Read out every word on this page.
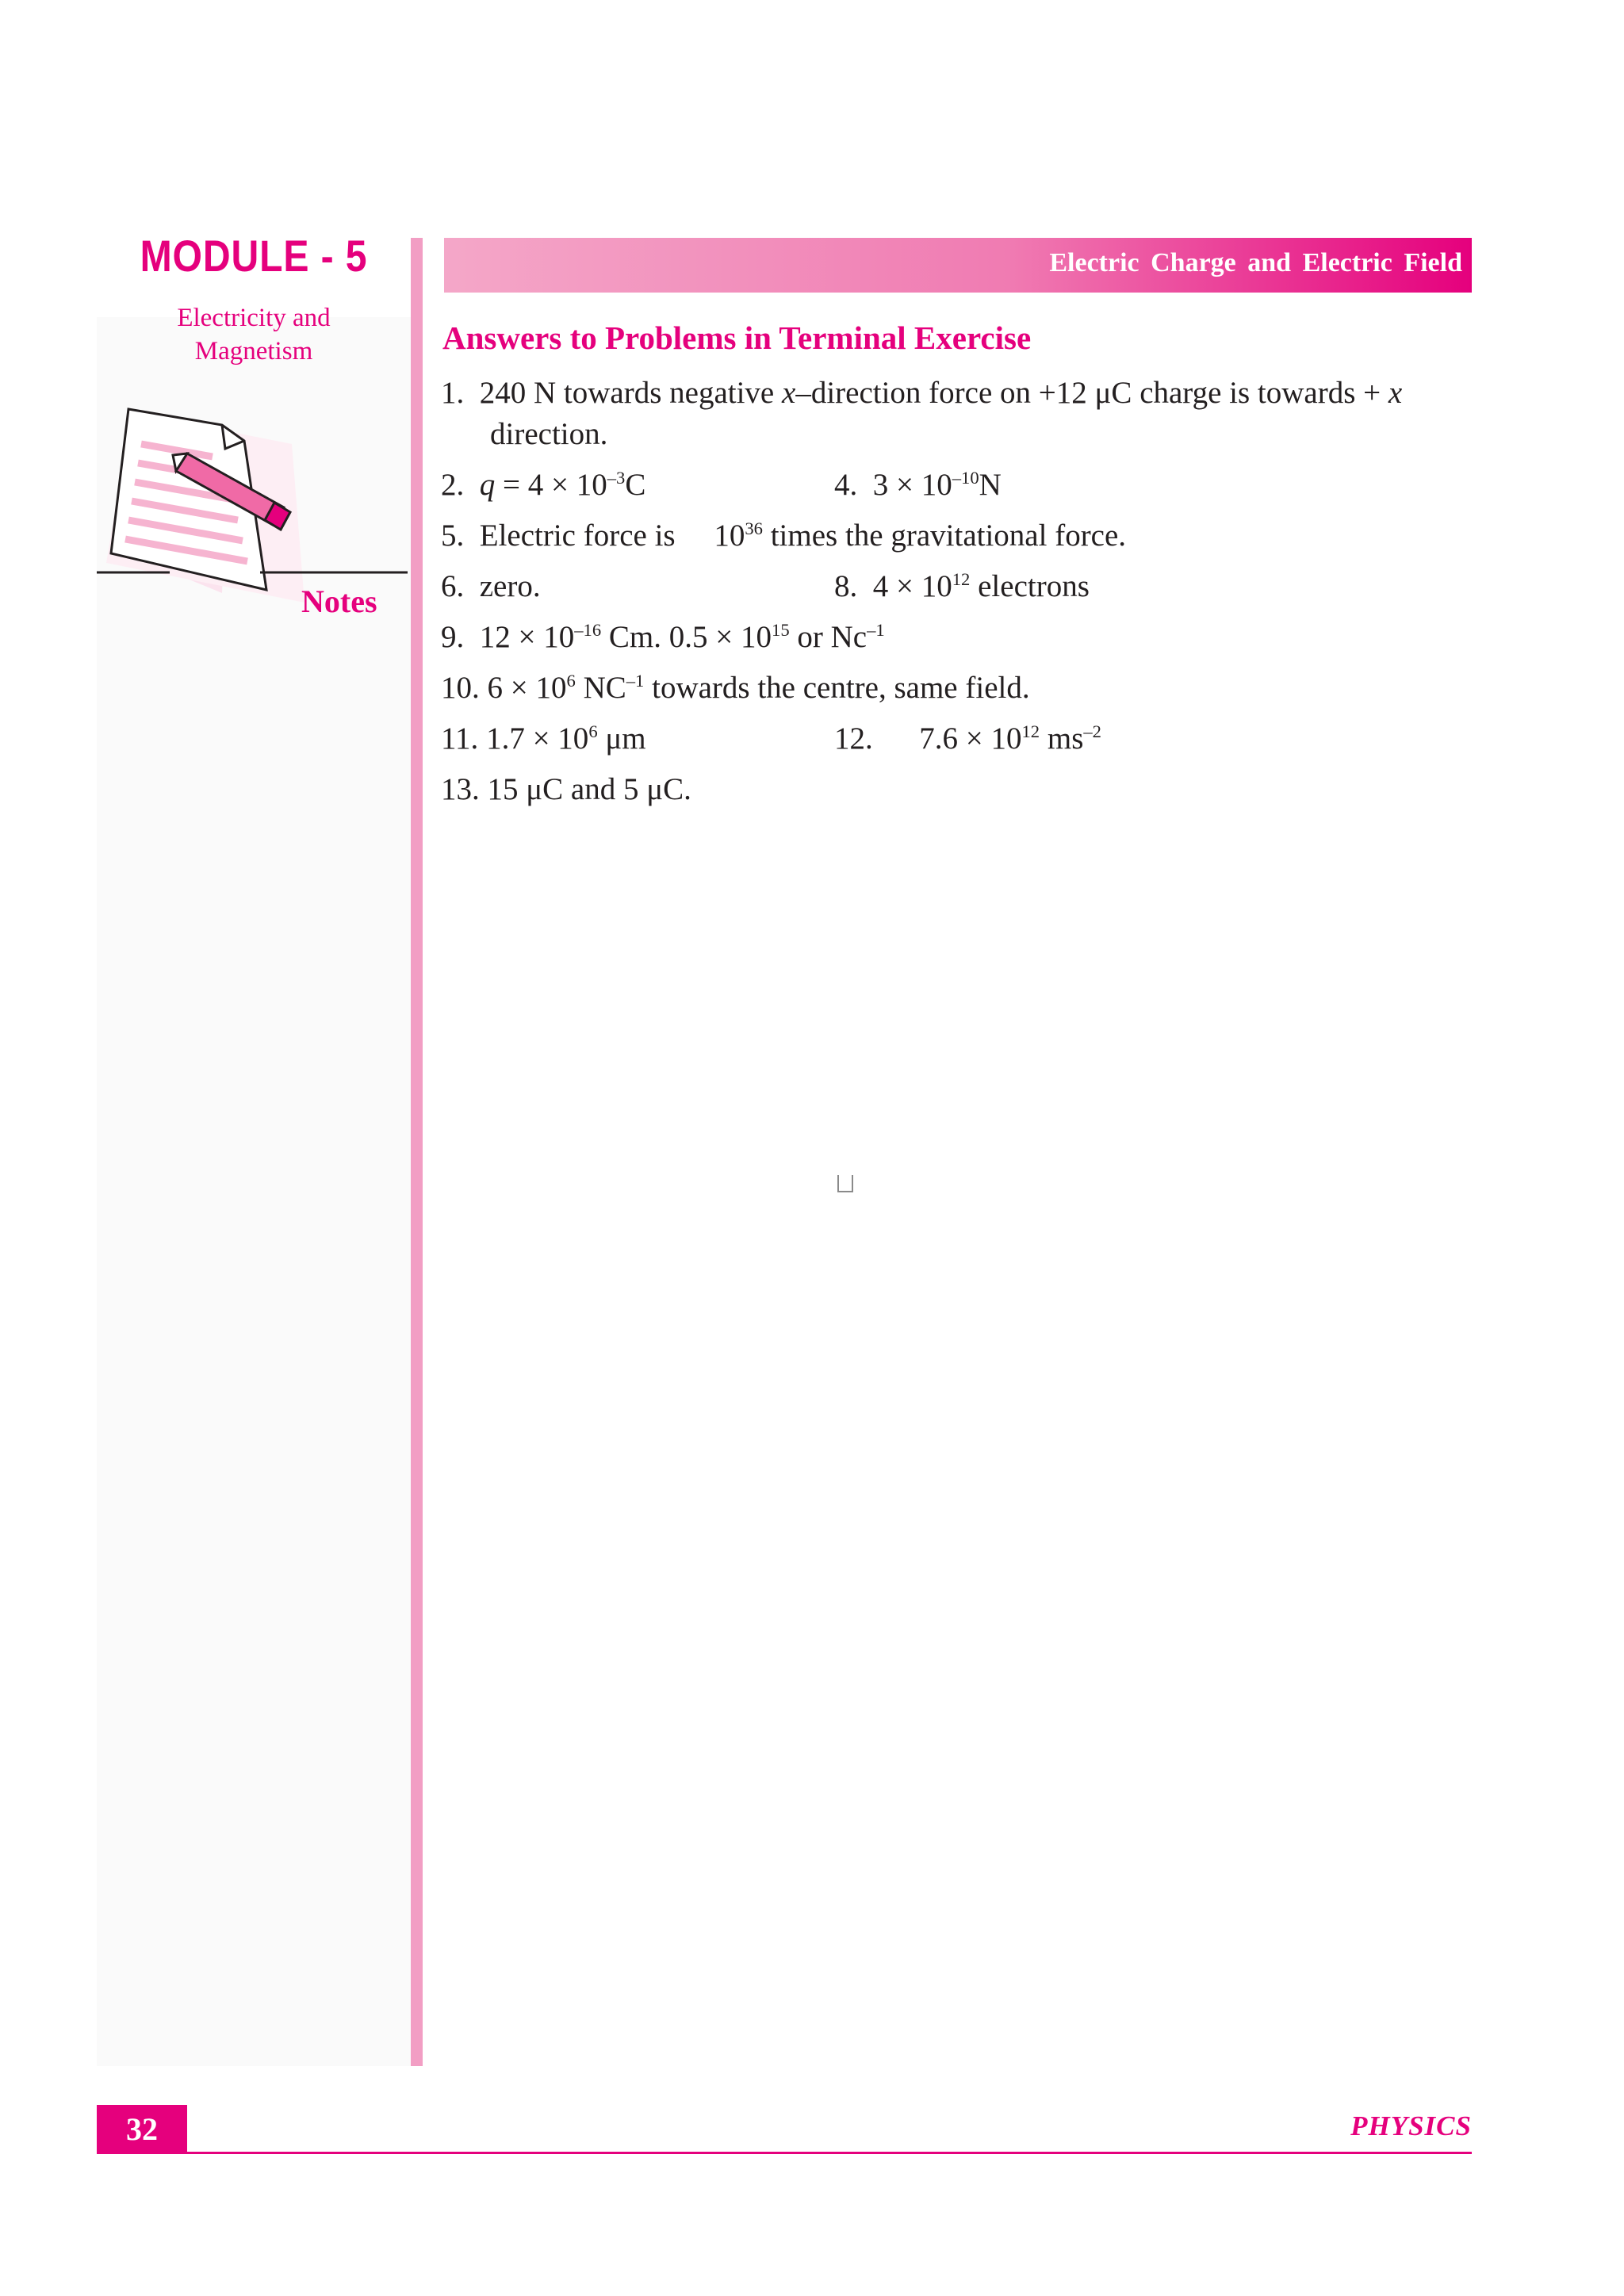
MODULE - 5
Electricity and
Magnetism
Notes
Electric Charge and Electric Field
Answers to Problems in Terminal Exercise
1. 240 N towards negative x–direction force on +12 μC charge is towards + x
direction.
2. $q = 4 \times 10^{-3}C$	4. $3 \times 10^{-10}N$
5. Electric force is $10^{36}$ times the gravitational force.
6. zero.	8. $4 \times 10^{12}$ electrons
9. $12 \times 10^{-16}$ Cm. $0.5 \times 10^{15}$ or $Nc^{-1}$
10. $6 \times 10^6$ $NC^{-1}$ towards the centre, same field.
11. $1.7 \times 10^6$ μm	12. $7.6 \times 10^{12}$ $ms^{-2}$
13. 15 μC and 5 μC.
32	PHYSICS
